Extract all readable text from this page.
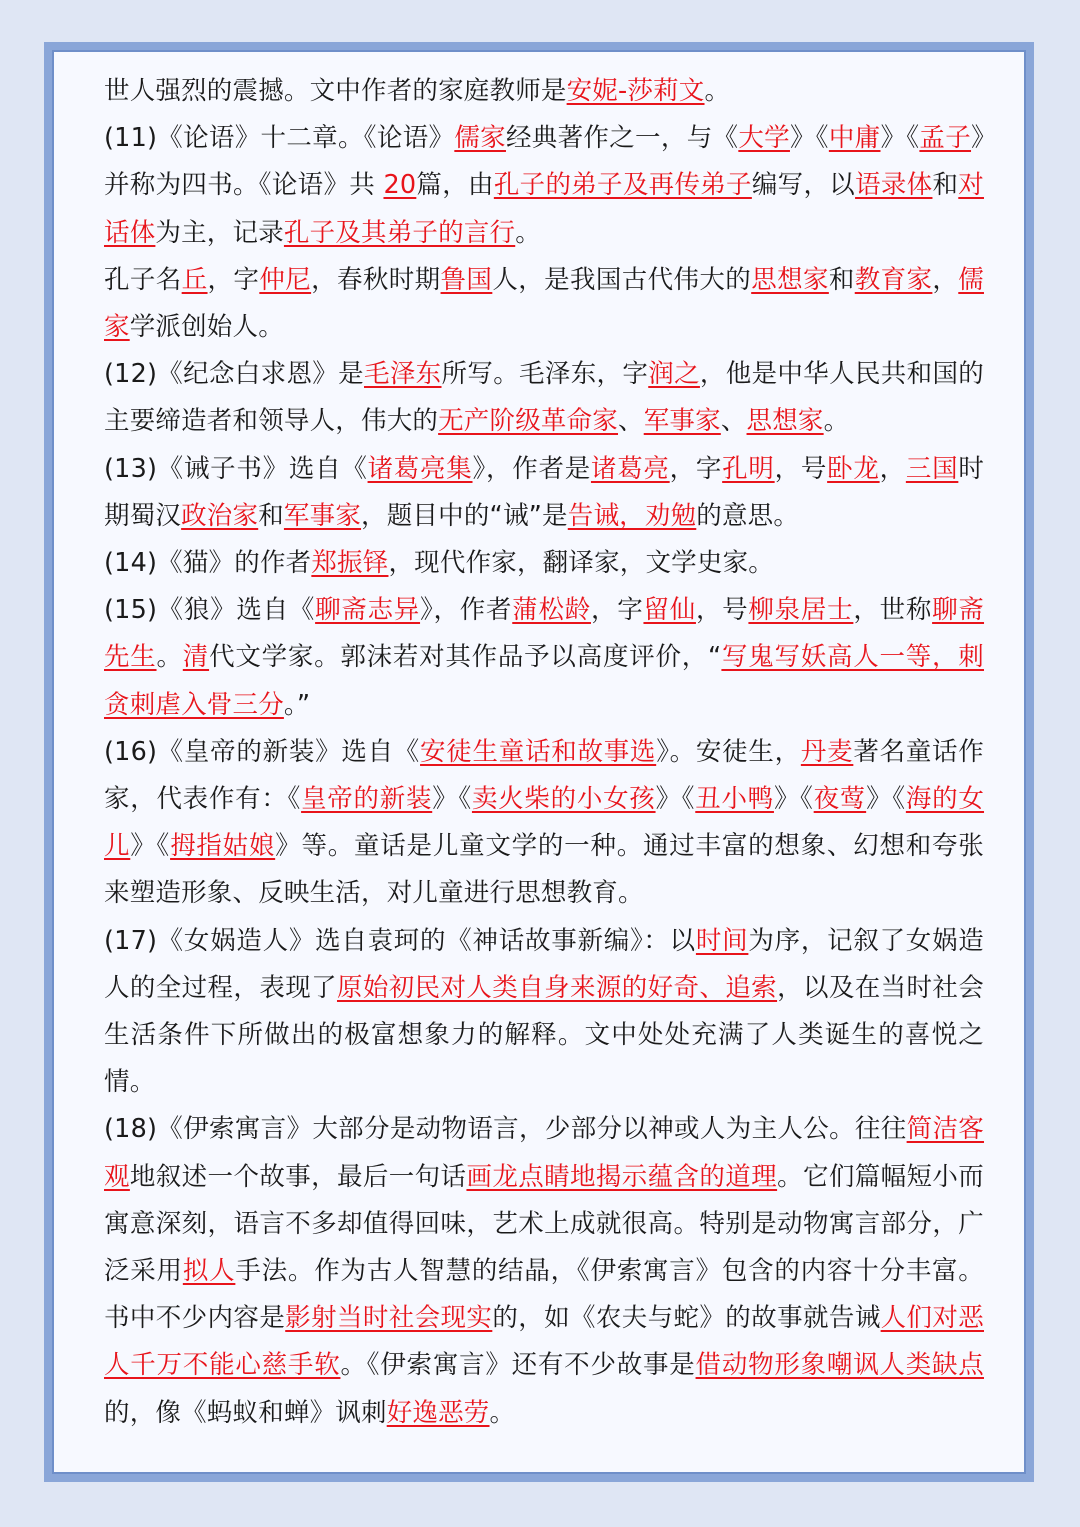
世人强烈的震撼。文中作者的家庭教师是安妮-莎莉文。

(11)《论语》十二章。《论语》儒家经典著作之一，与《大学》《中庸》《孟子》并称为四书。《论语》共 20篇，由孔子的弟子及再传弟子编写，以语录体和对话体为主，记录孔子及其弟子的言行。

孔子名丘，字仲尼，春秋时期鲁国人，是我国古代伟大的思想家和教育家，儒家学派创始人。

(12)《纪念白求恩》是毛泽东所写。毛泽东，字润之，他是中华人民共和国的主要缔造者和领导人，伟大的无产阶级革命家、军事家、思想家。

(13)《诫子书》选自《诸葛亮集》，作者是诸葛亮，字孔明，号卧龙，三国时期蜀汉政治家和军事家，题目中的“诫”是告诫，劝勉的意思。

(14)《猫》的作者郑振铎，现代作家，翻译家，文学史家。

(15)《狼》选自《聊斋志异》，作者蒲松龄，字留仙，号柳泉居士，世称聊斋先生。清代文学家。郭沫若对其作品予以高度评价，“写鬼写妖高人一等，刺贪刺虐入骨三分。”

(16)《皇帝的新装》选自《安徒生童话和故事选》。安徒生，丹麦著名童话作家，代表作有：《皇帝的新装》《卖火柴的小女孩》《丑小鸭》《夜莺》《海的女儿》《拇指姑娘》等。童话是儿童文学的一种。通过丰富的想象、幻想和夸张来塑造形象、反映生活，对儿童进行思想教育。

(17)《女娲造人》选自袁珂的《神话故事新编》：以时间为序，记叙了女娲造人的全过程，表现了原始初民对人类自身来源的好奇、追索，以及在当时社会生活条件下所做出的极富想象力的解释。文中处处充满了人类诞生的喜悦之情。

(18)《伊索寓言》大部分是动物语言，少部分以神或人为主人公。往往简洁客观地叙述一个故事，最后一句话画龙点睛地揭示蕴含的道理。它们篇幅短小而寓意深刻，语言不多却值得回味，艺术上成就很高。特别是动物寓言部分，广泛采用拟人手法。作为古人智慧的结晶，《伊索寓言》包含的内容十分丰富。书中不少内容是影射当时社会现实的，如《农夫与蛇》的故事就告诫人们对恶人千万不能心慈手软。《伊索寓言》还有不少故事是借动物形象嘲讽人类缺点的，像《蚂蚁和蝉》讽刺好逸恶劳。
